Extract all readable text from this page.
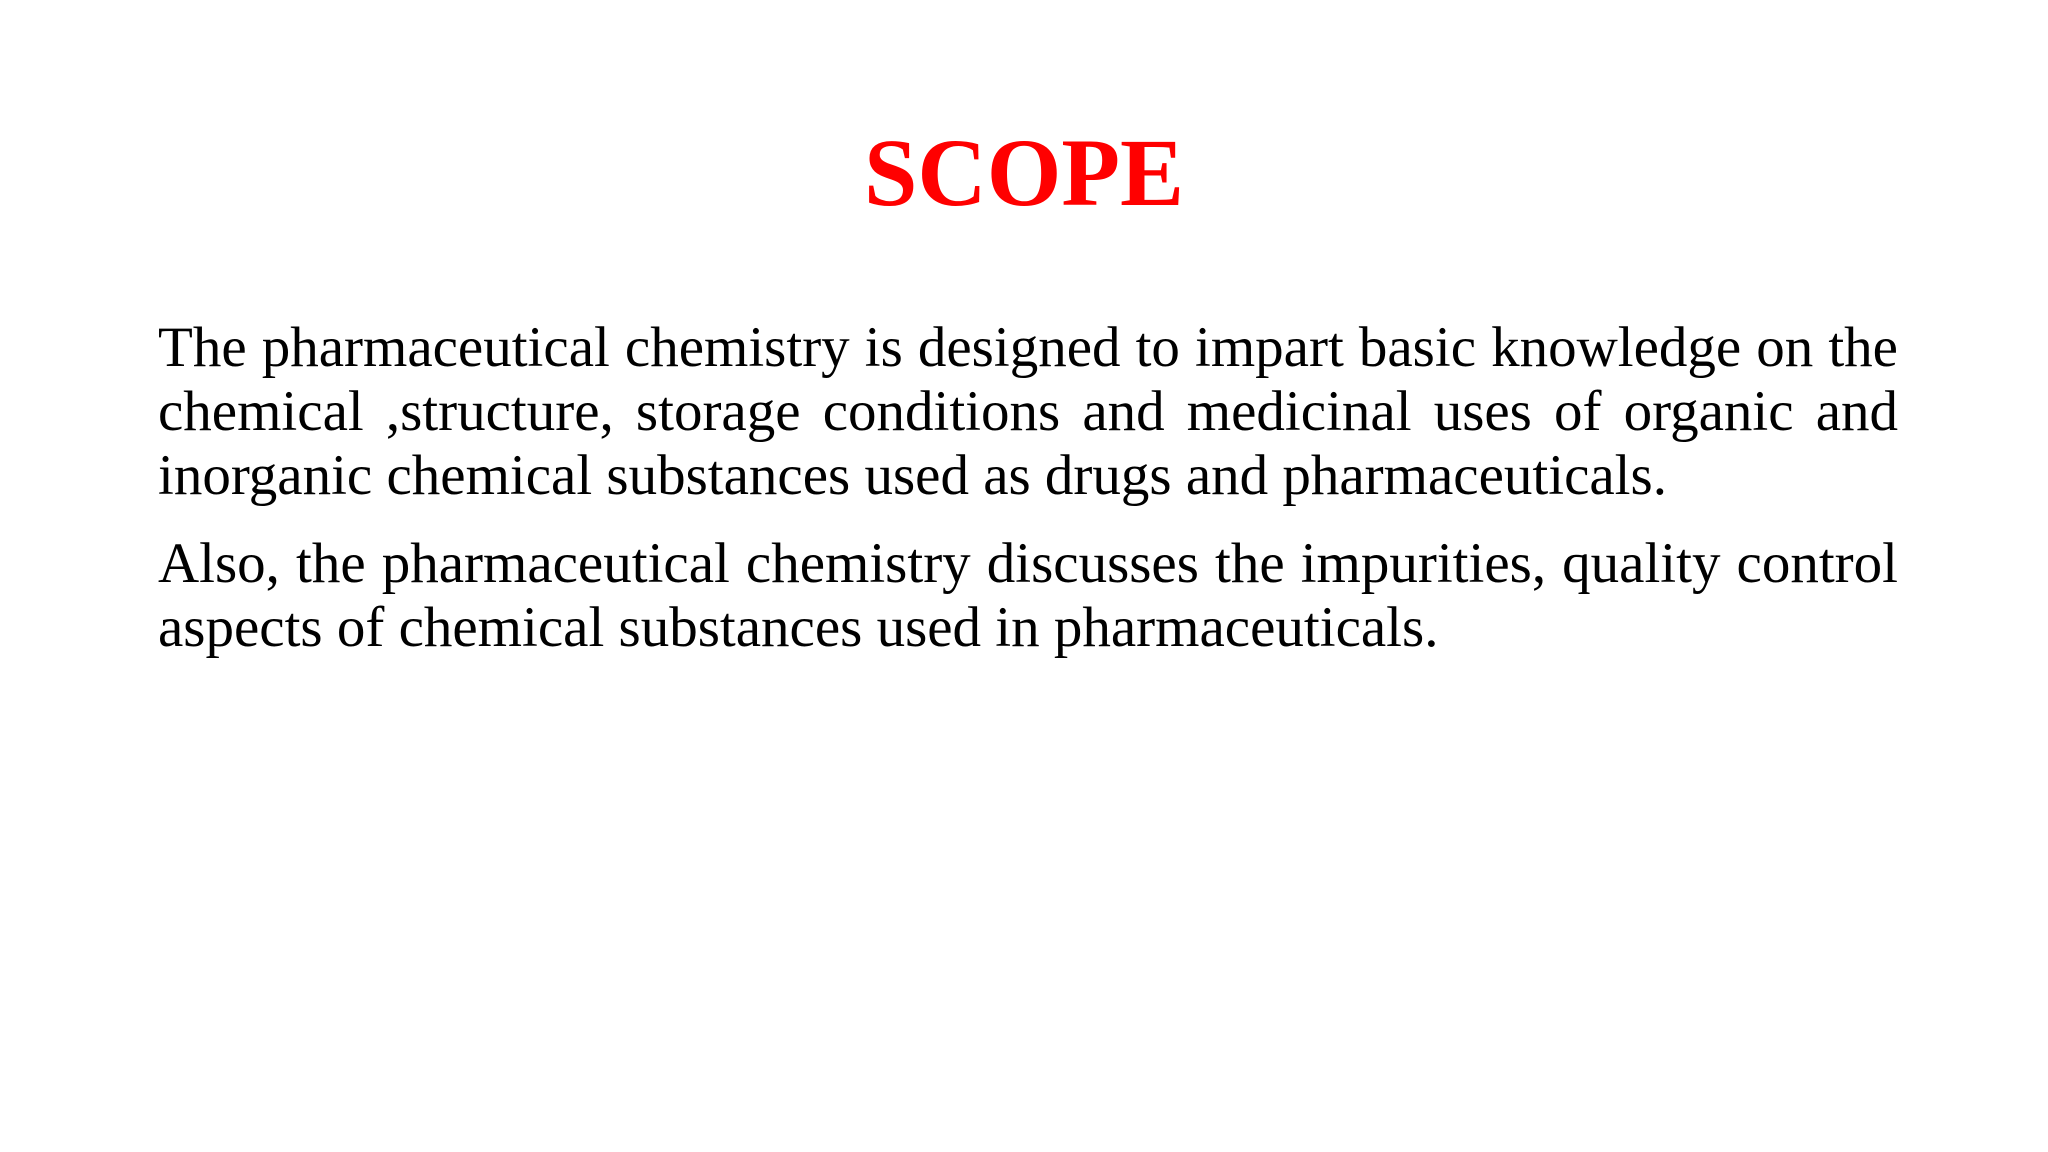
SCOPE

The pharmaceutical chemistry is designed to impart basic knowledge on the chemical ,structure, storage conditions and medicinal uses of organic and inorganic chemical substances used as drugs and pharmaceuticals.

Also, the pharmaceutical chemistry discusses the impurities, quality control aspects of chemical substances used in pharmaceuticals.
